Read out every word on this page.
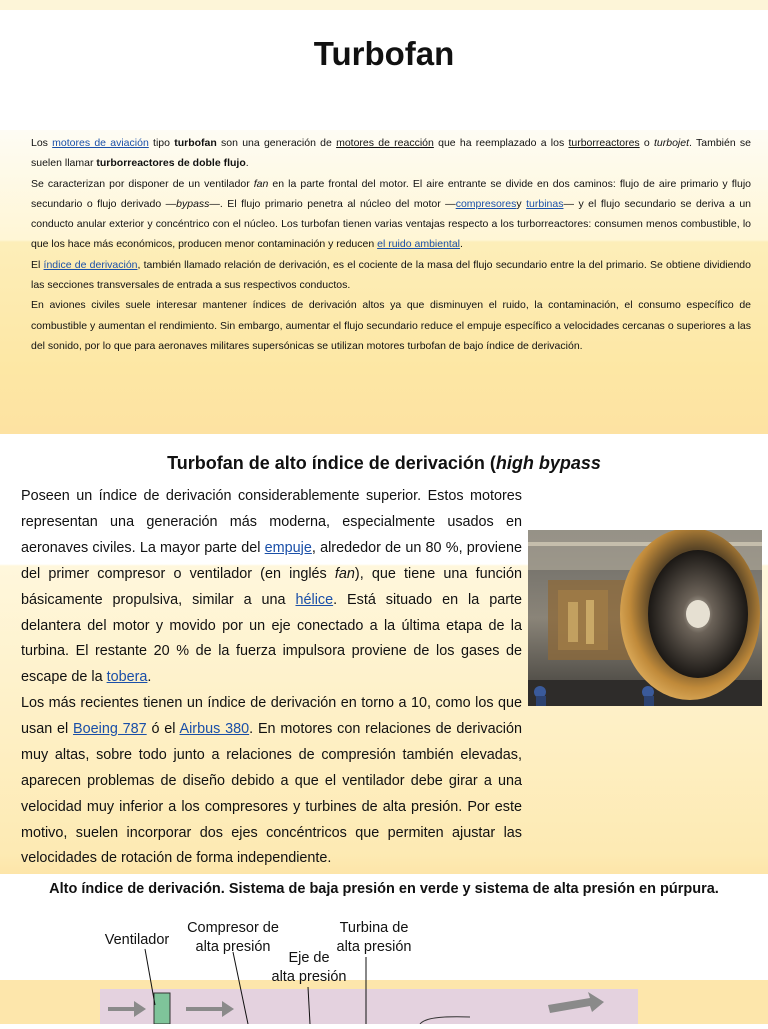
Turbofan

Los motores de aviación tipo turbofan son una generación de motores de reacción que ha reemplazado a los turborreactores o turbojet. También se suelen llamar turborreactores de doble flujo.

Se caracterizan por disponer de un ventilador fan en la parte frontal del motor. El aire entrante se divide en dos caminos: flujo de aire primario y flujo secundario o flujo derivado —bypass—. El flujo primario penetra al núcleo del motor —compresoresy turbinas— y el flujo secundario se deriva a un conducto anular exterior y concéntrico con el núcleo. Los turbofan tienen varias ventajas respecto a los turborreactores: consumen menos combustible, lo que los hace más económicos, producen menor contaminación y reducen el ruido ambiental.

El índice de derivación, también llamado relación de derivación, es el cociente de la masa del flujo secundario entre la del primario. Se obtiene dividiendo las secciones transversales de entrada a sus respectivos conductos.

En aviones civiles suele interesar mantener índices de derivación altos ya que disminuyen el ruido, la contaminación, el consumo específico de combustible y aumentan el rendimiento. Sin embargo, aumentar el flujo secundario reduce el empuje específico a velocidades cercanas o superiores a las del sonido, por lo que para aeronaves militares supersónicas se utilizan motores turbofan de bajo índice de derivación.

Turbofan de alto índice de derivación (high bypass

Poseen un índice de derivación considerablemente superior. Estos motores representan una generación más moderna, especialmente usados en aeronaves civiles. La mayor parte del empuje, alrededor de un 80 %, proviene del primer compresor o ventilador (en inglés fan), que tiene una función básicamente propulsiva, similar a una hélice. Está situado en la parte delantera del motor y movido por un eje conectado a la última etapa de la turbina. El restante 20 % de la fuerza impulsora proviene de los gases de escape de la tobera.

Los más recientes tienen un índice de derivación en torno a 10, como los que usan el Boeing 787 ó el Airbus 380. En motores con relaciones de derivación muy altas, sobre todo junto a relaciones de compresión también elevadas, aparecen problemas de diseño debido a que el ventilador debe girar a una velocidad muy inferior a los compresores y turbines de alta presión. Por este motivo, suelen incorporar dos ejes concéntricos que permiten ajustar las velocidades de rotación de forma independiente.

Alto índice de derivación. Sistema de baja presión en verde y sistema de alta presión en púrpura.

Ventilador
Compresor de
alta presión
Eje de
alta presión
Turbina de
alta presión
